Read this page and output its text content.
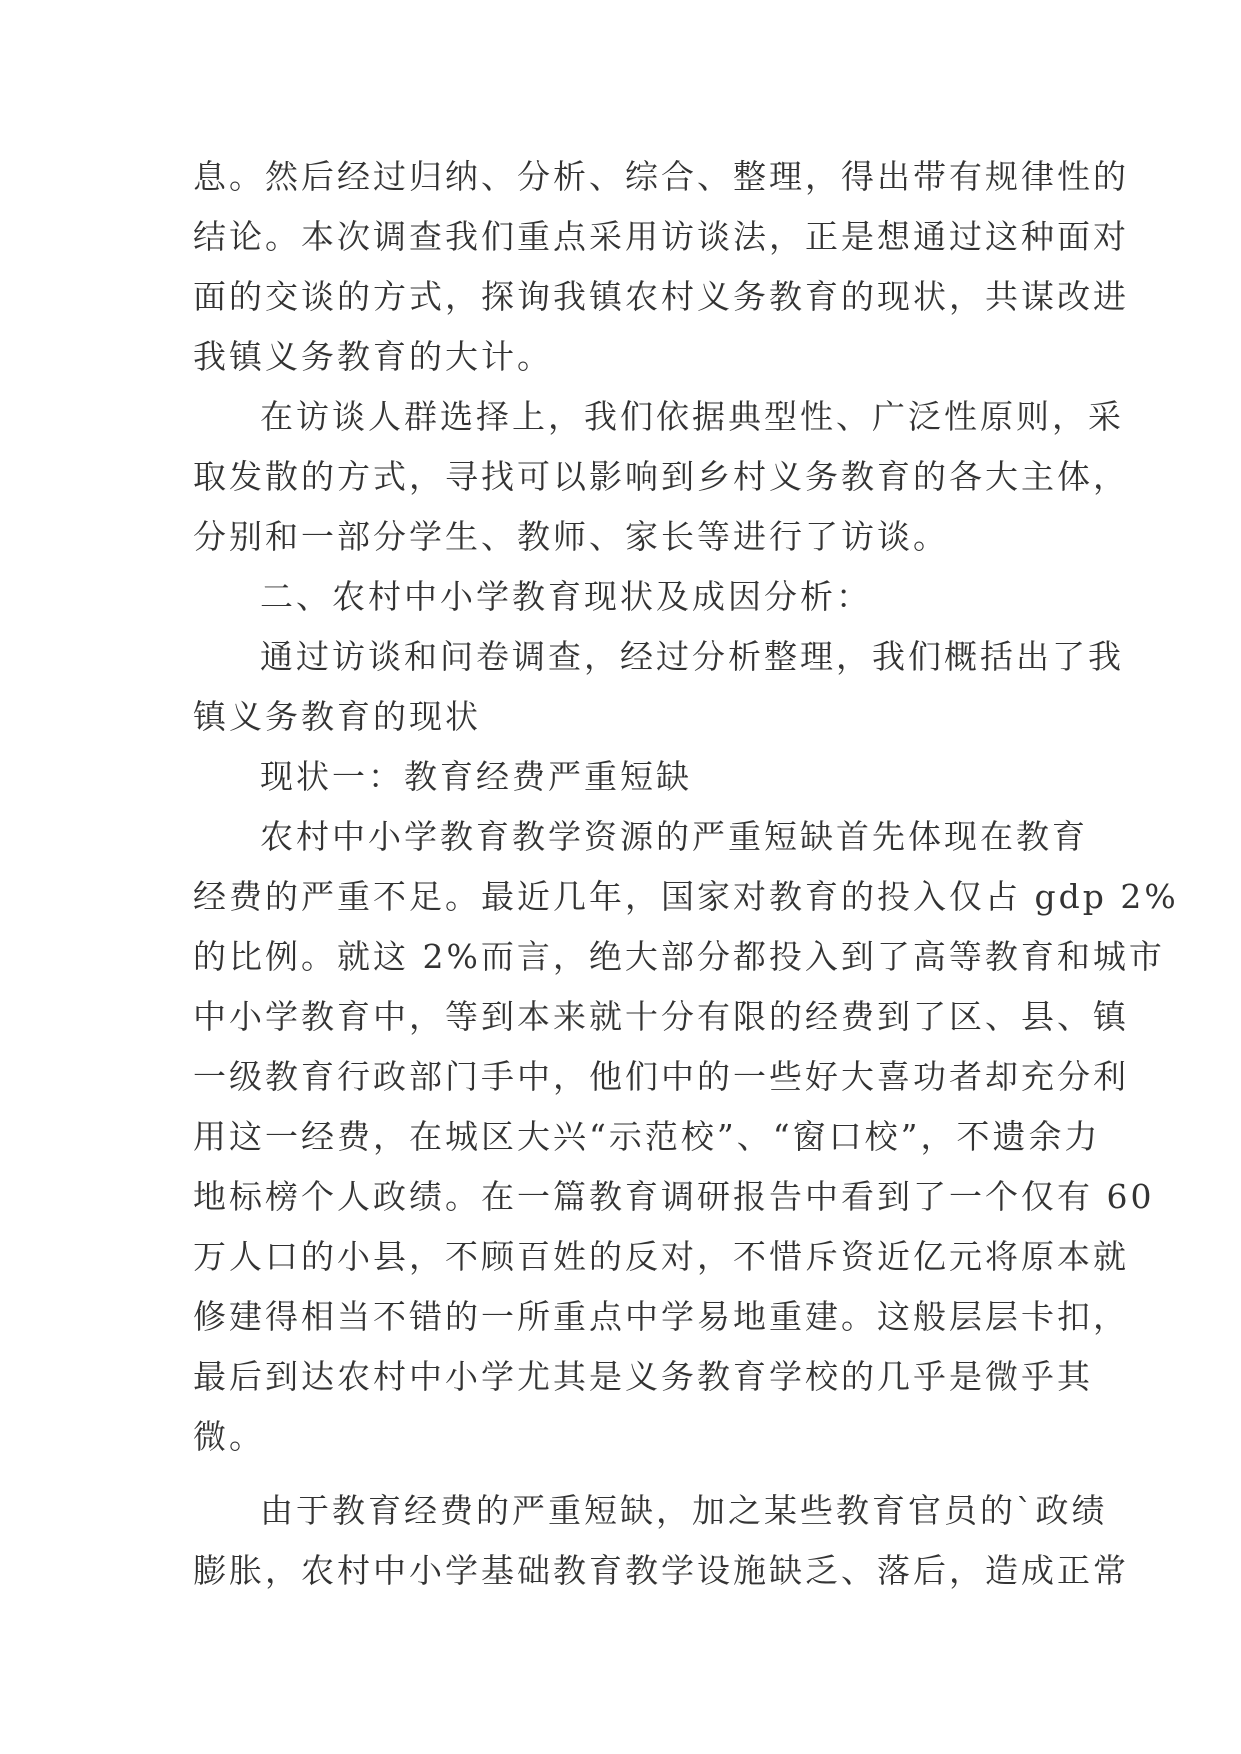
息。然后经过归纳、分析、综合、整理，得出带有规律性的
结论。本次调查我们重点采用访谈法，正是想通过这种面对
面的交谈的方式，探询我镇农村义务教育的现状，共谋改进
我镇义务教育的大计。
在访谈人群选择上，我们依据典型性、广泛性原则，采
取发散的方式，寻找可以影响到乡村义务教育的各大主体，
分别和一部分学生、教师、家长等进行了访谈。
二、农村中小学教育现状及成因分析：
通过访谈和问卷调查，经过分析整理，我们概括出了我
镇义务教育的现状
现状一：教育经费严重短缺
农村中小学教育教学资源的严重短缺首先体现在教育
经费的严重不足。最近几年，国家对教育的投入仅占 gdp 2%
的比例。就这 2%而言，绝大部分都投入到了高等教育和城市
中小学教育中，等到本来就十分有限的经费到了区、县、镇
一级教育行政部门手中，他们中的一些好大喜功者却充分利
用这一经费，在城区大兴“示范校”、“窗口校”，不遗余力
地标榜个人政绩。在一篇教育调研报告中看到了一个仅有 60
万人口的小县，不顾百姓的反对，不惜斥资近亿元将原本就
修建得相当不错的一所重点中学易地重建。这般层层卡扣，
最后到达农村中小学尤其是义务教育学校的几乎是微乎其
微。
由于教育经费的严重短缺，加之某些教育官员的`政绩
膨胀，农村中小学基础教育教学设施缺乏、落后，造成正常
